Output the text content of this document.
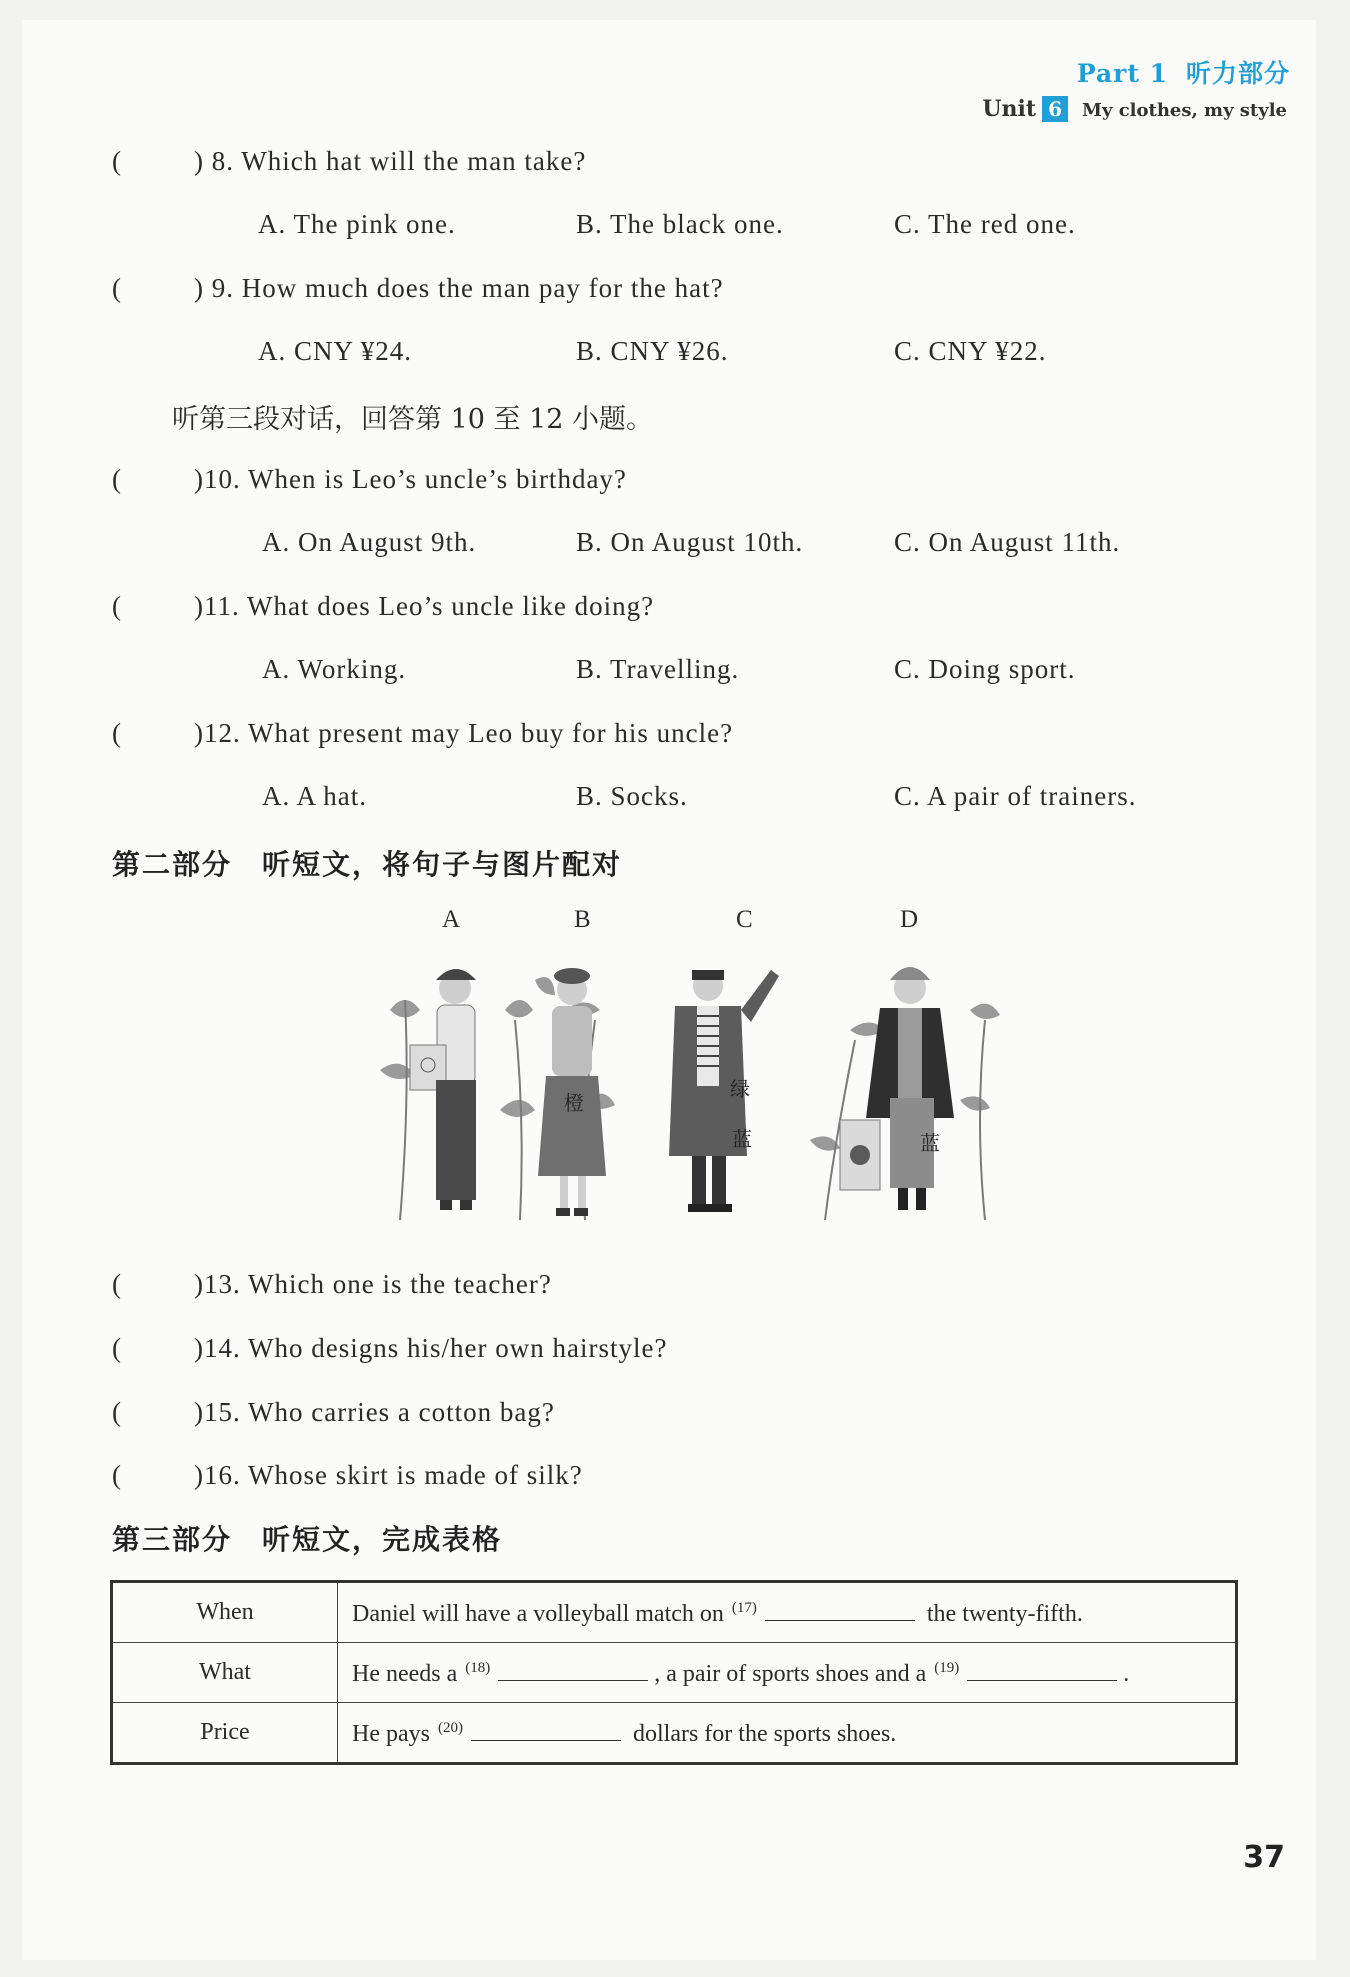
Part 1 听力部分
Unit 6 My clothes, my style
(	) 8. Which hat will the man take?
A. The pink one.	B. The black one.	C. The red one.
(	) 9. How much does the man pay for the hat?
A. CNY ¥24.	B. CNY ¥26.	C. CNY ¥22.
听第三段对话，回答第 10 至 12 小题。
(	)10. When is Leo’s uncle’s birthday?
A. On August 9th.	B. On August 10th.	C. On August 11th.
(	)11. What does Leo’s uncle like doing?
A. Working.	B. Travelling.	C. Doing sport.
(	)12. What present may Leo buy for his uncle?
A. A hat.	B. Socks.	C. A pair of trainers.
第二部分　听短文，将句子与图片配对
A	B	C	D
橙
绿
蓝	蓝
(	)13. Which one is the teacher?
(	)14. Who designs his/her own hairstyle?
(	)15. Who carries a cotton bag?
(	)16. Whose skirt is made of silk?
第三部分　听短文，完成表格
When	Daniel will have a volleyball match on $^{(17)}$ the twenty-fifth.
What	He needs a $^{(18)}$ , a pair of sports shoes and a $^{(19)}$ .
Price	He pays $^{(20)}$ dollars for the sports shoes.
37
